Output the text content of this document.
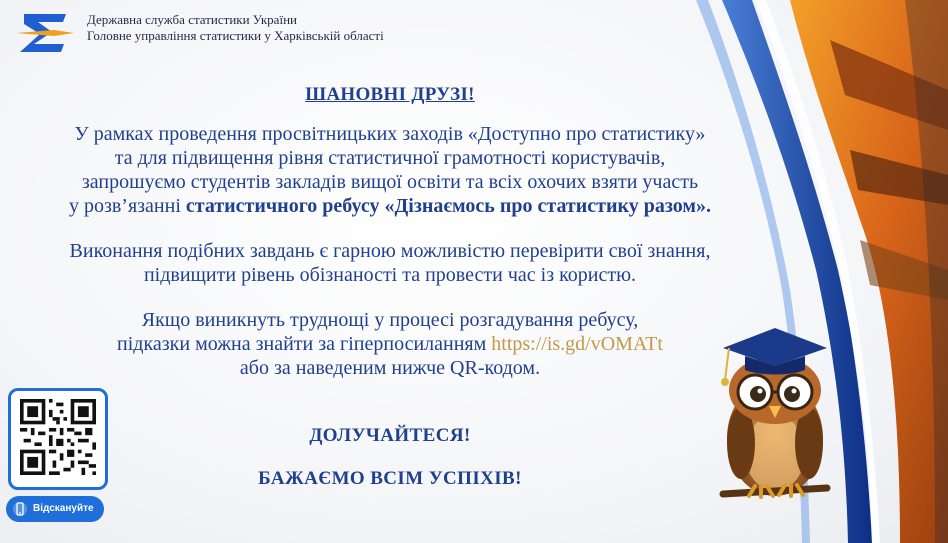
Державна служба статистики України
Головне управління статистики у Харківській області
ШАНОВНІ ДРУЗІ!
У рамках проведення просвітницьких заходів «Доступно про статистику»
та для підвищення рівня статистичної грамотності користувачів,
запрошуємо студентів закладів вищої освіти та всіх охочих взяти участь
у розв’язанні статистичного ребусу «Дізнаємось про статистику разом».
Виконання подібних завдань є гарною можливістю перевірити свої знання,
підвищити рівень обізнаності та провести час із користю.
Якщо виникнуть труднощі у процесі розгадування ребусу,
підказки можна знайти за гіперпосиланням https://is.gd/vOMATt
або за наведеним нижче QR-кодом.
ДОЛУЧАЙТЕСЯ!
БАЖАЄМО ВСІМ УСПІХІВ!
Відскануйте
